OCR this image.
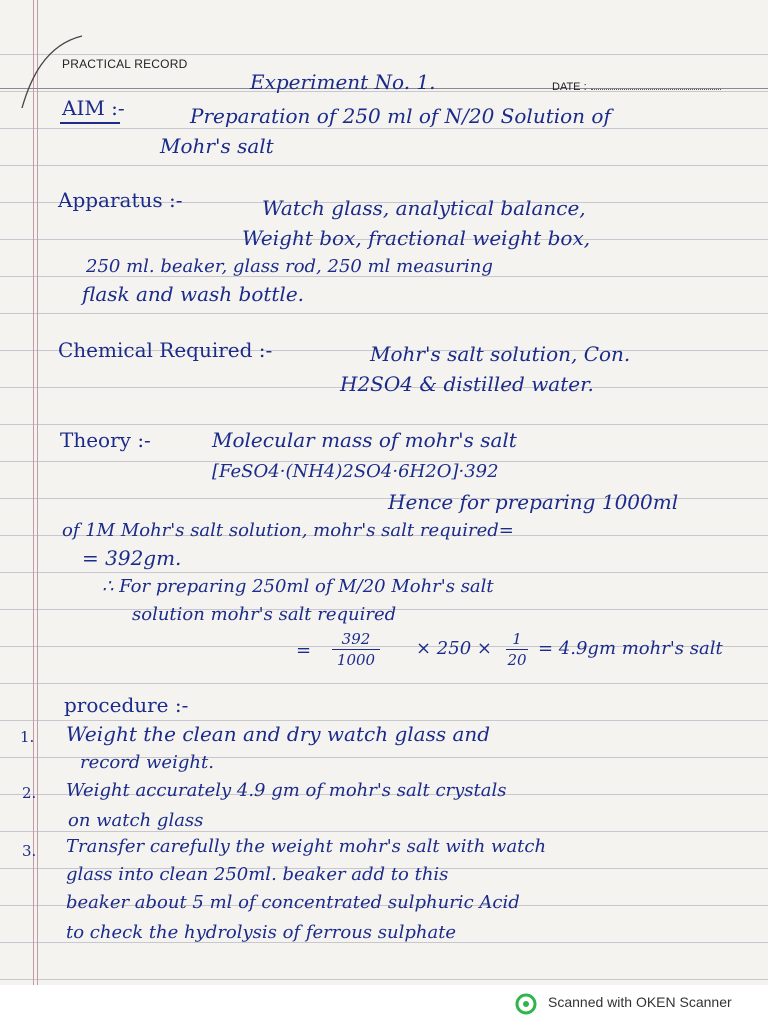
PRACTICAL RECORD
Experiment No. 1.	DATE :
AIM :-	Preparation of 250 ml of N/20 Solution of
Mohr's salt
Apparatus :-	Watch glass, analytical balance,
Weight box, fractional weight box,
250 ml. beaker, glass rod, 250 ml measuring
flask and wash bottle.
Chemical Required :-	Mohr's salt solution, Con.
H2SO4 & distilled water.
Theory :-	Molecular mass of mohr's salt
[FeSO4·(NH4)2SO4·6H2O]·392
Hence for preparing 1000ml
of 1M Mohr's salt solution, mohr's salt required=
= 392gm.
∴ For preparing 250ml of M/20 Mohr's salt
solution mohr's salt required
=
392
1000
× 250 ×	1
20
= 4.9gm mohr's salt
procedure :-
1. Weight the clean and dry watch glass and
record weight.
2. Weight accurately 4.9 gm of mohr's salt crystals
on watch glass
3. Transfer carefully the weight mohr's salt with watch
glass into clean 250ml. beaker add to this
beaker about 5 ml of concentrated sulphuric Acid
to check the hydrolysis of ferrous sulphate
Scanned with OKEN Scanner
